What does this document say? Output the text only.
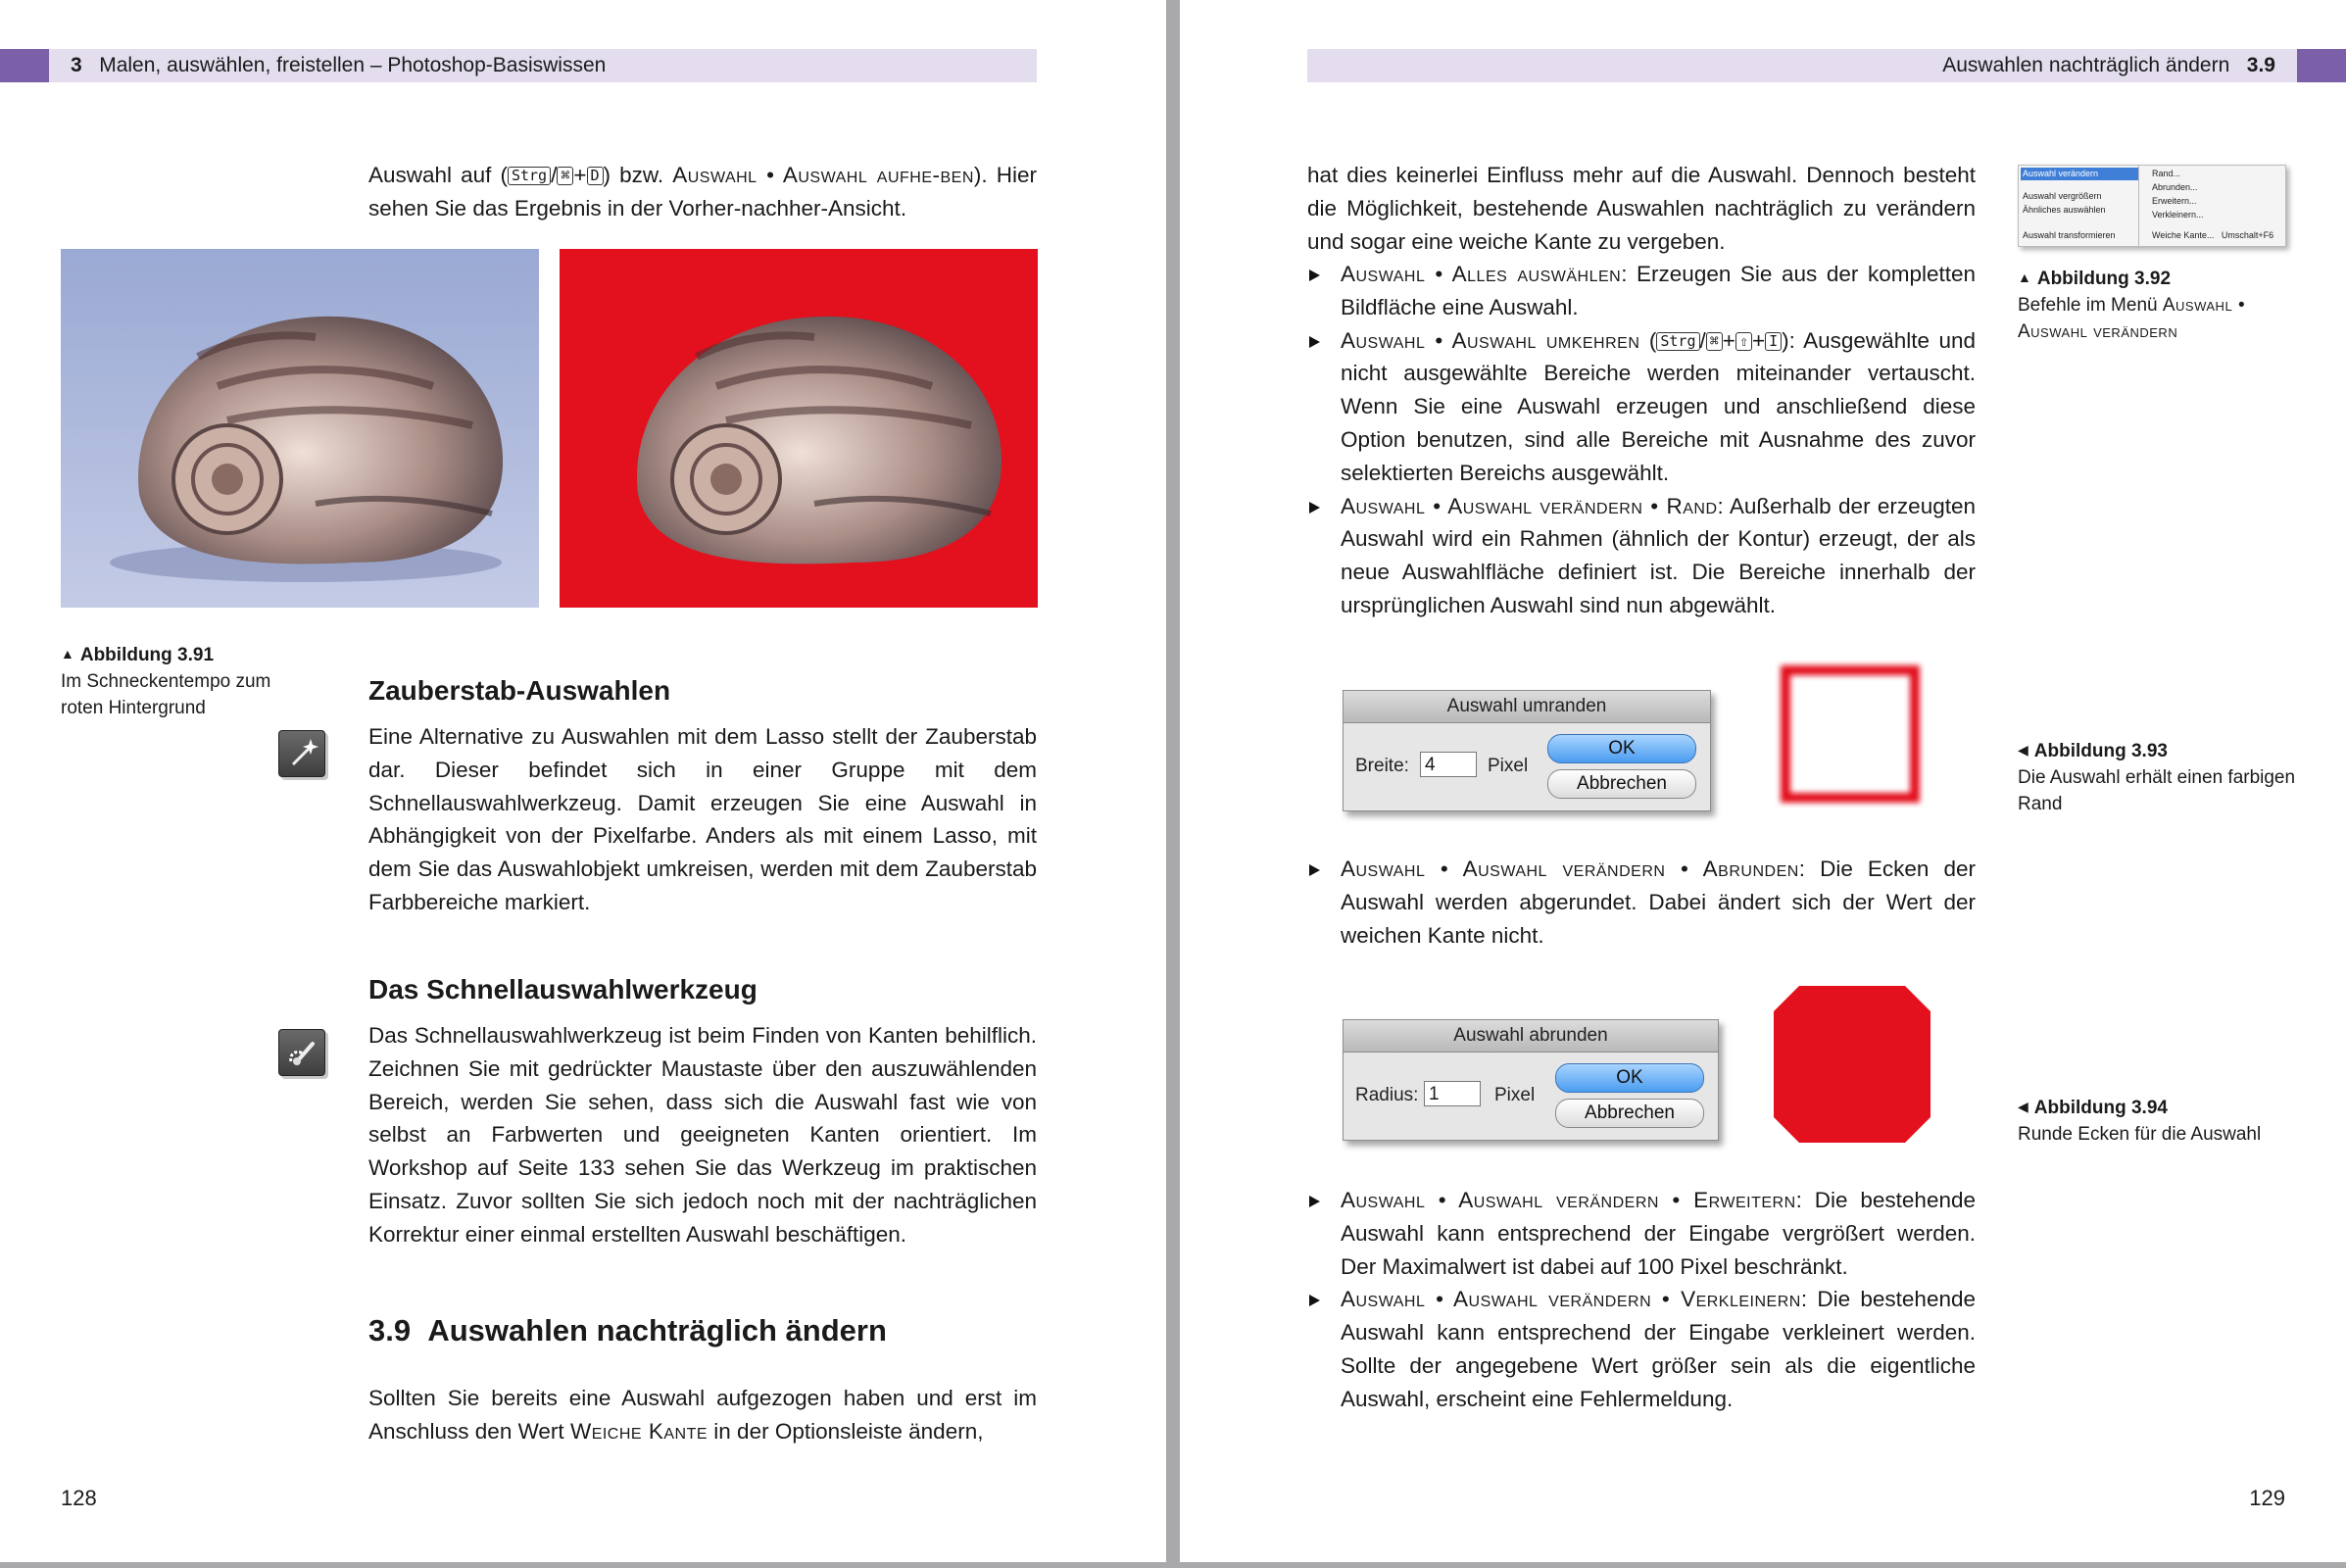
3 Malen, auswählen, freistellen – Photoshop-Basiswissen
Auswahl auf ( Strg / ⌘ + D ) bzw. Auswahl • Auswahl aufhe-ben). Hier sehen Sie das Ergebnis in der Vorher-nachher-Ansicht.
▲ Abbildung 3.91
Im Schneckentempo zum roten Hintergrund
Zauberstab-Auswahlen
Eine Alternative zu Auswahlen mit dem Lasso stellt der Zauberstab dar. Dieser befindet sich in einer Gruppe mit dem Schnellauswahlwerkzeug. Damit erzeugen Sie eine Auswahl in Abhängigkeit von der Pixelfarbe. Anders als mit einem Lasso, mit dem Sie das Auswahlobjekt umkreisen, werden mit dem Zauberstab Farbbereiche markiert.
Das Schnellauswahlwerkzeug
Das Schnellauswahlwerkzeug ist beim Finden von Kanten behilflich. Zeichnen Sie mit gedrückter Maustaste über den auszuwählenden Bereich, werden Sie sehen, dass sich die Auswahl fast wie von selbst an Farbwerten und geeigneten Kanten orientiert. Im Workshop auf Seite 133 sehen Sie das Werkzeug im praktischen Einsatz. Zuvor sollten Sie sich jedoch noch mit der nachträglichen Korrektur einer einmal erstellten Auswahl beschäftigen.
3.9 Auswahlen nachträglich ändern
Sollten Sie bereits eine Auswahl aufgezogen haben und erst im Anschluss den Wert Weiche Kante in der Optionsleiste ändern,
128
Auswahlen nachträglich ändern 3.9
hat dies keinerlei Einfluss mehr auf die Auswahl. Dennoch besteht die Möglichkeit, bestehende Auswahlen nachträglich zu verändern und sogar eine weiche Kante zu vergeben.
Auswahl • Alles auswählen: Erzeugen Sie aus der kompletten Bildfläche eine Auswahl.
Auswahl • Auswahl umkehren ( Strg / ⌘ + ⇧ + I ): Ausgewählte und nicht ausgewählte Bereiche werden miteinander vertauscht. Wenn Sie eine Auswahl erzeugen und anschließend diese Option benutzen, sind alle Bereiche mit Ausnahme des zuvor selektierten Bereichs ausgewählt.
Auswahl • Auswahl verändern • Rand: Außerhalb der erzeugten Auswahl wird ein Rahmen (ähnlich der Kontur) erzeugt, der als neue Auswahlfläche definiert ist. Die Bereiche innerhalb der ursprünglichen Auswahl sind nun abgewählt.
Auswahl verändern
Auswahl vergrößern
Ähnliches auswählen
Auswahl transformieren
Rand...
Abrunden...
Erweitern...
Verkleinern...
Weiche Kante...   Umschalt+F6
▲ Abbildung 3.92
Befehle im Menü Auswahl • Auswahl verändern
Auswahl umranden
Breite: 4	Pixel
OK
Abbrechen
◀ Abbildung 3.93
Die Auswahl erhält einen farbigen Rand
Auswahl • Auswahl verändern • Abrunden: Die Ecken der Auswahl werden abgerundet. Dabei ändert sich der Wert der weichen Kante nicht.
Auswahl abrunden
Radius: 1	Pixel
OK
Abbrechen	◀ Abbildung 3.94
Runde Ecken für die Auswahl
Auswahl • Auswahl verändern • Erweitern: Die bestehende Auswahl kann entsprechend der Eingabe vergrößert werden. Der Maximalwert ist dabei auf 100 Pixel beschränkt.
Auswahl • Auswahl verändern • Verkleinern: Die bestehende Auswahl kann entsprechend der Eingabe verkleinert werden. Sollte der angegebene Wert größer sein als die eigentliche Auswahl, erscheint eine Fehlermeldung.
129
